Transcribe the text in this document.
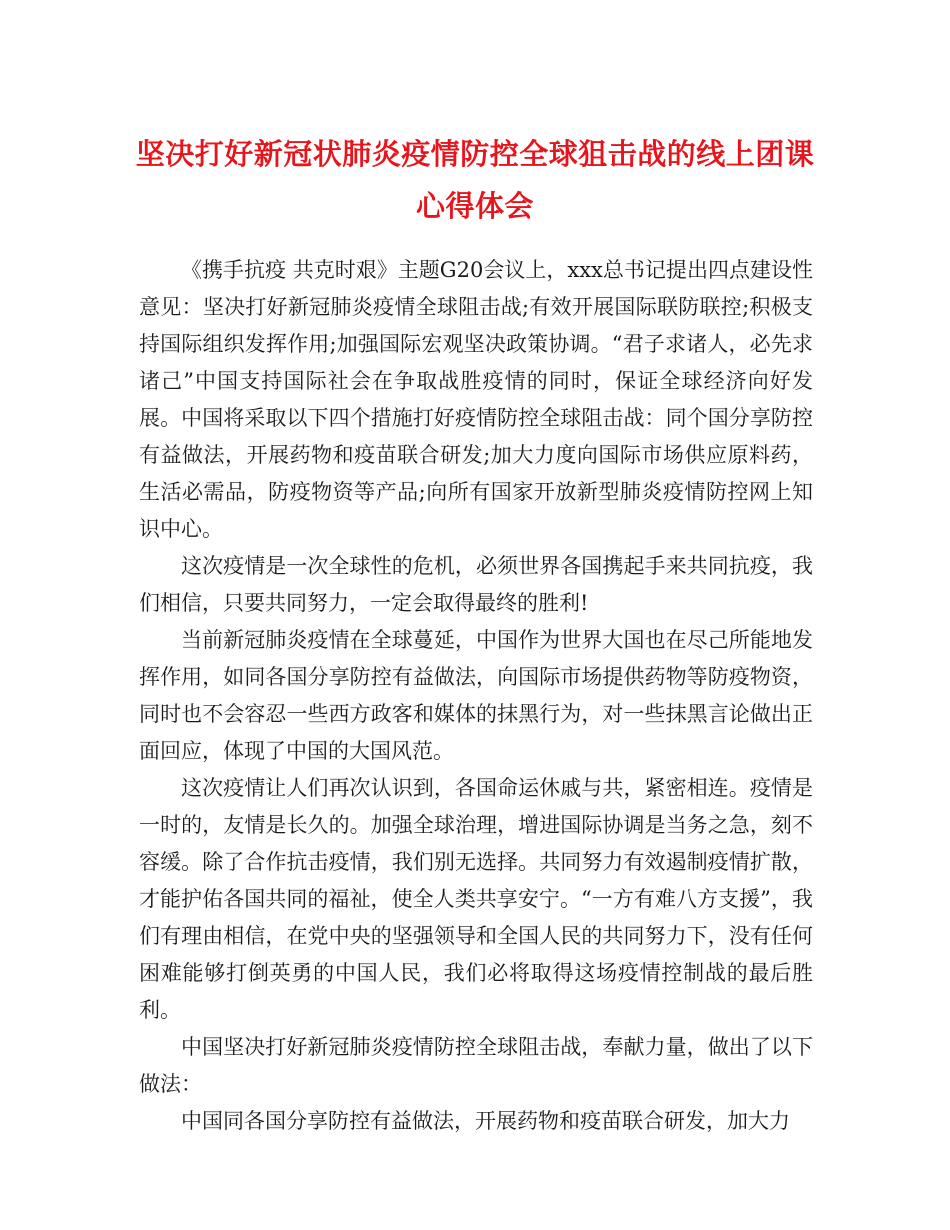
坚决打好新冠状肺炎疫情防控全球狙击战的线上团课心得体会

《携手抗疫 共克时艰》主题G20会议上，xxx总书记提出四点建设性意见：坚决打好新冠肺炎疫情全球阻击战;有效开展国际联防联控;积极支持国际组织发挥作用;加强国际宏观坚决政策协调。“君子求诸人，必先求诸己”中国支持国际社会在争取战胜疫情的同时，保证全球经济向好发展。中国将采取以下四个措施打好疫情防控全球阻击战：同个国分享防控有益做法，开展药物和疫苗联合研发;加大力度向国际市场供应原料药，生活必需品，防疫物资等产品;向所有国家开放新型肺炎疫情防控网上知识中心。

这次疫情是一次全球性的危机，必须世界各国携起手来共同抗疫，我们相信，只要共同努力，一定会取得最终的胜利!

当前新冠肺炎疫情在全球蔓延，中国作为世界大国也在尽己所能地发挥作用，如同各国分享防控有益做法，向国际市场提供药物等防疫物资，同时也不会容忍一些西方政客和媒体的抹黑行为，对一些抹黑言论做出正面回应，体现了中国的大国风范。

这次疫情让人们再次认识到，各国命运休戚与共，紧密相连。疫情是一时的，友情是长久的。加强全球治理，增进国际协调是当务之急，刻不容缓。除了合作抗击疫情，我们别无选择。共同努力有效遏制疫情扩散，才能护佑各国共同的福祉，使全人类共享安宁。“一方有难八方支援”，我们有理由相信，在党中央的坚强领导和全国人民的共同努力下，没有任何困难能够打倒英勇的中国人民，我们必将取得这场疫情控制战的最后胜利。

中国坚决打好新冠肺炎疫情防控全球阻击战，奉献力量，做出了以下做法：

中国同各国分享防控有益做法，开展药物和疫苗联合研发，加大力
